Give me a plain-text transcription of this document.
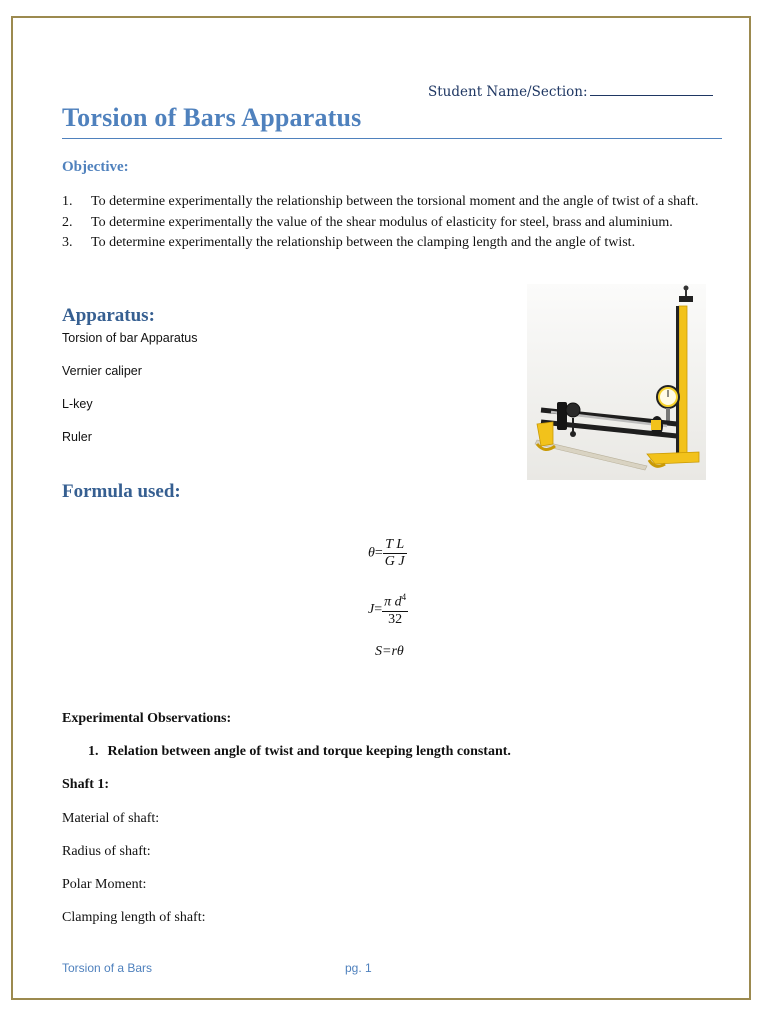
Student Name/Section:
Torsion of Bars Apparatus
Objective:
1. To determine experimentally the relationship between the torsional moment and the angle of twist of a shaft.
2. To determine experimentally the value of the shear modulus of elasticity for steel, brass and aluminium.
3. To determine experimentally the relationship between the clamping length and the angle of twist.
Apparatus:
Torsion of bar Apparatus
Vernier caliper
L-key
Ruler
Formula used:
$\theta= \frac{\text{T L}}{\text{G J}}$
$J= \frac{\pi d^4}{32}$
S=rθ
Experimental Observations:
1. Relation between angle of twist and torque keeping length constant.
Shaft 1:
Material of shaft:
Radius of shaft:
Polar Moment:
Clamping length of shaft:
Torsion of a Bars	pg. 1
